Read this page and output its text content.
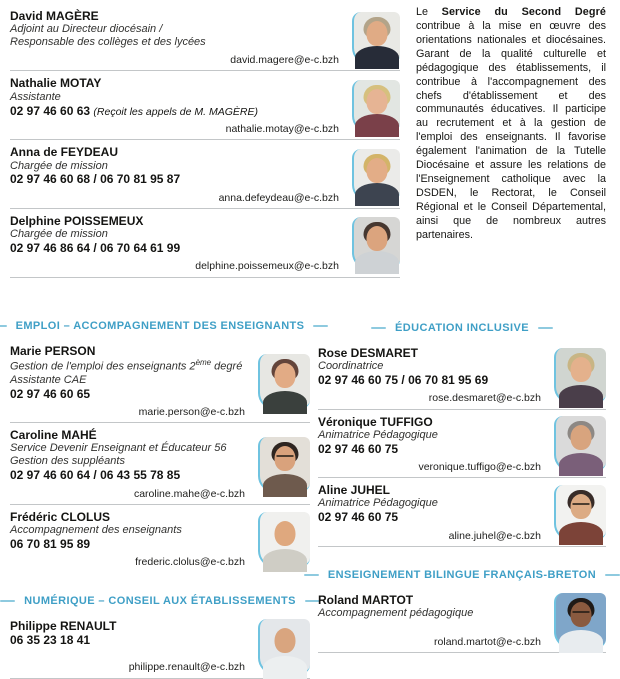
David MAGÈRE
Adjoint au Directeur diocésain /
Responsable des collèges et des lycées
david.magere@e-c.bzh
Nathalie MOTAY
Assistante
02 97 46 60 63 (Reçoit les appels de M. MAGÈRE)
nathalie.motay@e-c.bzh
Anna de FEYDEAU
Chargée de mission
02 97 46 60 68 / 06 70 81 95 87
anna.defeydeau@e-c.bzh
Delphine POISSEMEUX
Chargée de mission
02 97 46 86 64 / 06 70 64 61 99
delphine.poissemeux@e-c.bzh
Le Service du Second Degré contribue à la mise en œuvre des orientations nationales et diocésaines. Garant de la qualité culturelle et pédagogique des établissements, il contribue à l'accompagnement des chefs d'établissement et des communautés éducatives. Il participe au recrutement et à la gestion de l'emploi des enseignants. Il favorise également l'animation de la Tutelle Diocésaine et assure les relations de l'Enseignement catholique avec la DSDEN, le Rectorat, le Conseil Régional et le Conseil Départemental, ainsi que de nombreux autres partenaires.
EMPLOI – ACCOMPAGNEMENT DES ENSEIGNANTS
Marie PERSON
Gestion de l'emploi des enseignants 2ème degré
Assistante CAE
02 97 46 60 65
marie.person@e-c.bzh
Caroline MAHÉ
Service Devenir Enseignant et Éducateur 56
Gestion des suppléants
02 97 46 60 64 / 06 43 55 78 85
caroline.mahe@e-c.bzh
Frédéric CLOLUS
Accompagnement des enseignants
06 70 81 95 89
frederic.clolus@e-c.bzh
NUMÉRIQUE – CONSEIL AUX ÉTABLISSEMENTS
Philippe RENAULT
06 35 23 18 41
philippe.renault@e-c.bzh
ÉDUCATION INCLUSIVE
Rose DESMARET
Coordinatrice
02 97 46 60 75 / 06 70 81 95 69
rose.desmaret@e-c.bzh
Véronique TUFFIGO
Animatrice Pédagogique
02 97 46 60 75
veronique.tuffigo@e-c.bzh
Aline JUHEL
Animatrice Pédagogique
02 97 46 60 75
aline.juhel@e-c.bzh
ENSEIGNEMENT BILINGUE FRANÇAIS-BRETON
Roland MARTOT
Accompagnement pédagogique
roland.martot@e-c.bzh
